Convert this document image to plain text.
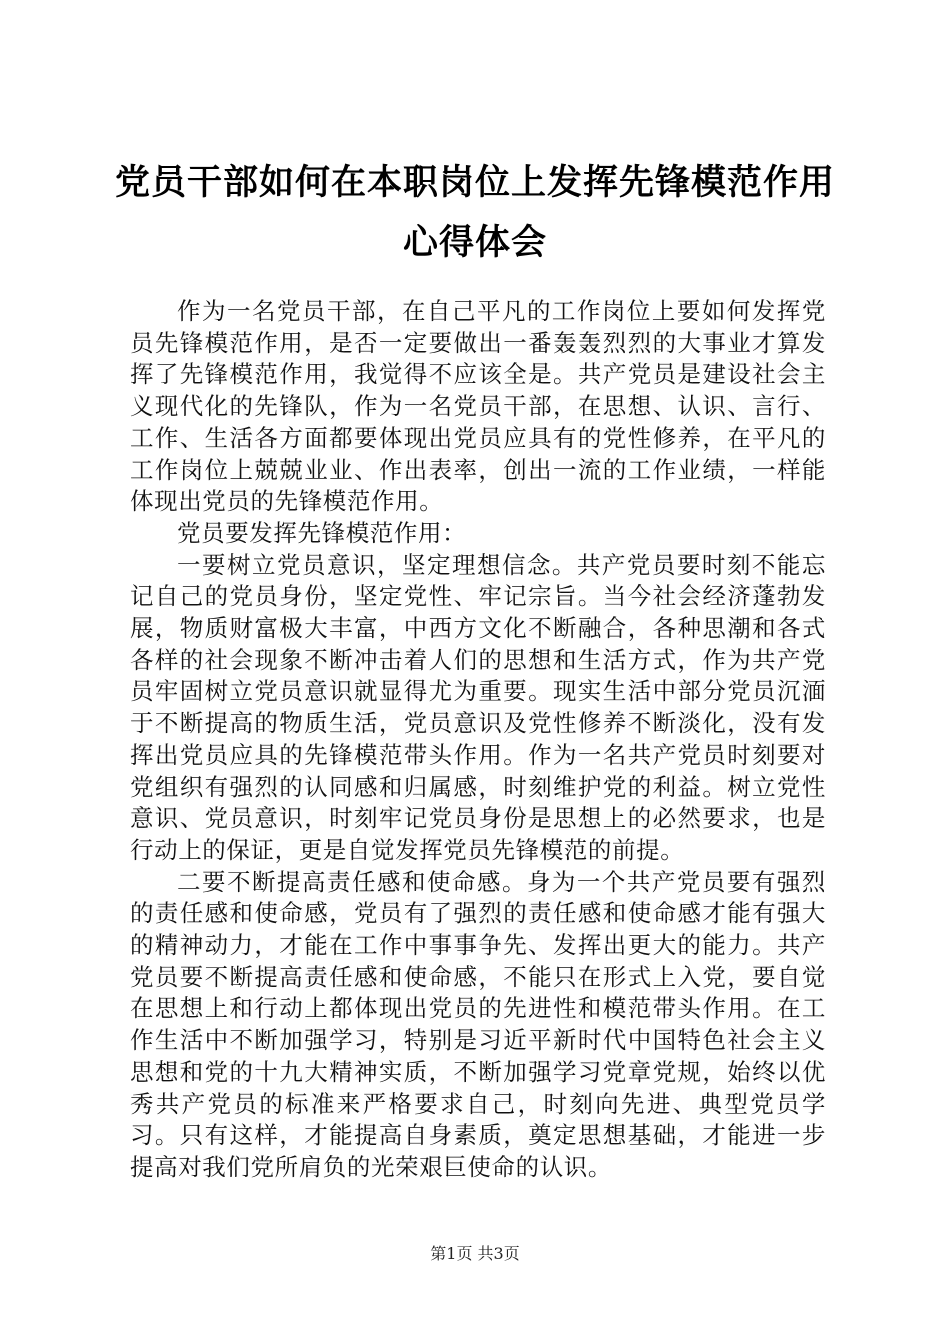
党员干部如何在本职岗位上发挥先锋模范作用
心得体会

作为一名党员干部，在自己平凡的工作岗位上要如何发挥党员先锋模范作用，是否一定要做出一番轰轰烈烈的大事业才算发挥了先锋模范作用，我觉得不应该全是。共产党员是建设社会主义现代化的先锋队，作为一名党员干部，在思想、认识、言行、工作、生活各方面都要体现出党员应具有的党性修养，在平凡的工作岗位上兢兢业业、作出表率，创出一流的工作业绩，一样能体现出党员的先锋模范作用。

党员要发挥先锋模范作用：

一要树立党员意识，坚定理想信念。共产党员要时刻不能忘记自己的党员身份，坚定党性、牢记宗旨。当今社会经济蓬勃发展，物质财富极大丰富，中西方文化不断融合，各种思潮和各式各样的社会现象不断冲击着人们的思想和生活方式，作为共产党员牢固树立党员意识就显得尤为重要。现实生活中部分党员沉湎于不断提高的物质生活，党员意识及党性修养不断淡化，没有发挥出党员应具的先锋模范带头作用。作为一名共产党员时刻要对党组织有强烈的认同感和归属感，时刻维护党的利益。树立党性意识、党员意识，时刻牢记党员身份是思想上的必然要求，也是行动上的保证，更是自觉发挥党员先锋模范的前提。

二要不断提高责任感和使命感。身为一个共产党员要有强烈的责任感和使命感，党员有了强烈的责任感和使命感才能有强大的精神动力，才能在工作中事事争先、发挥出更大的能力。共产党员要不断提高责任感和使命感，不能只在形式上入党，要自觉在思想上和行动上都体现出党员的先进性和模范带头作用。在工作生活中不断加强学习，特别是习近平新时代中国特色社会主义思想和党的十九大精神实质，不断加强学习党章党规，始终以优秀共产党员的标准来严格要求自己，时刻向先进、典型党员学习。只有这样，才能提高自身素质，奠定思想基础，才能进一步提高对我们党所肩负的光荣艰巨使命的认识。

第1页 共3页
